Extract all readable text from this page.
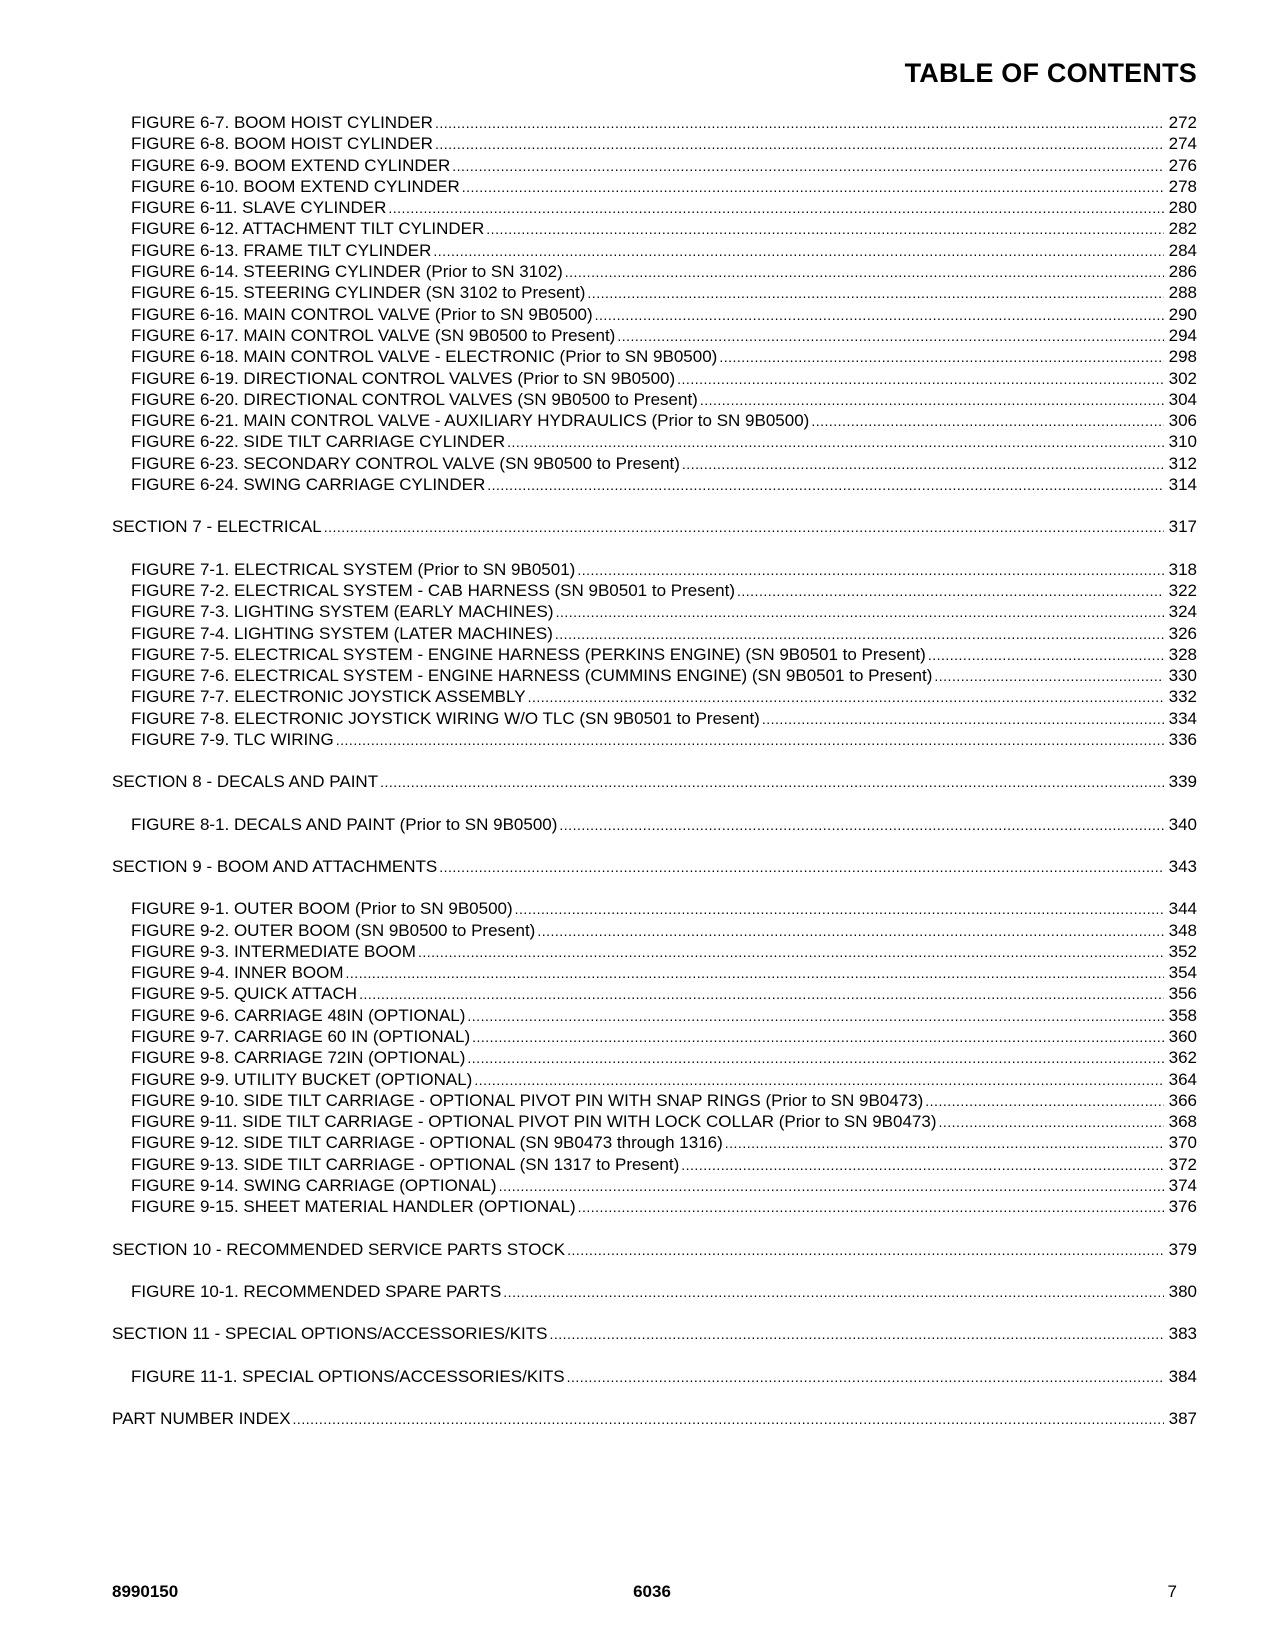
TABLE OF CONTENTS
FIGURE 6-7. BOOM HOIST CYLINDER .....	272
FIGURE 6-8. BOOM HOIST CYLINDER .....	274
FIGURE 6-9. BOOM EXTEND CYLINDER .....	276
FIGURE 6-10. BOOM EXTEND CYLINDER .....	278
FIGURE 6-11. SLAVE CYLINDER .....	280
FIGURE 6-12. ATTACHMENT TILT CYLINDER .....	282
FIGURE 6-13. FRAME TILT CYLINDER .....	284
FIGURE 6-14. STEERING CYLINDER (Prior to SN 3102) .....	286
FIGURE 6-15. STEERING CYLINDER (SN 3102 to Present) .....	288
FIGURE 6-16. MAIN CONTROL VALVE (Prior to SN 9B0500) .....	290
FIGURE 6-17. MAIN CONTROL VALVE (SN 9B0500 to Present) .....	294
FIGURE 6-18. MAIN CONTROL VALVE - ELECTRONIC (Prior to SN 9B0500) .....	298
FIGURE 6-19. DIRECTIONAL CONTROL VALVES (Prior to SN 9B0500) .....	302
FIGURE 6-20. DIRECTIONAL CONTROL VALVES (SN 9B0500 to Present) .....	304
FIGURE 6-21. MAIN CONTROL VALVE - AUXILIARY HYDRAULICS (Prior to SN 9B0500) .....	306
FIGURE 6-22. SIDE TILT CARRIAGE CYLINDER .....	310
FIGURE 6-23. SECONDARY CONTROL VALVE (SN 9B0500 to Present) .....	312
FIGURE 6-24. SWING CARRIAGE CYLINDER .....	314
SECTION 7 - ELECTRICAL .....	317
FIGURE 7-1. ELECTRICAL SYSTEM (Prior to SN 9B0501) .....	318
FIGURE 7-2. ELECTRICAL SYSTEM - CAB HARNESS (SN 9B0501 to Present) .....	322
FIGURE 7-3. LIGHTING SYSTEM (EARLY MACHINES) .....	324
FIGURE 7-4. LIGHTING SYSTEM (LATER MACHINES) .....	326
FIGURE 7-5. ELECTRICAL SYSTEM - ENGINE HARNESS (PERKINS ENGINE) (SN 9B0501 to Present) .....	328
FIGURE 7-6. ELECTRICAL SYSTEM - ENGINE HARNESS (CUMMINS ENGINE) (SN 9B0501 to Present) .....	330
FIGURE 7-7. ELECTRONIC JOYSTICK ASSEMBLY .....	332
FIGURE 7-8. ELECTRONIC JOYSTICK WIRING W/O TLC (SN 9B0501 to Present) .....	334
FIGURE 7-9. TLC WIRING .....	336
SECTION 8 - DECALS AND PAINT .....	339
FIGURE 8-1. DECALS AND PAINT (Prior to SN 9B0500) .....	340
SECTION 9 - BOOM AND ATTACHMENTS .....	343
FIGURE 9-1. OUTER BOOM (Prior to SN 9B0500) .....	344
FIGURE 9-2. OUTER BOOM (SN 9B0500 to Present) .....	348
FIGURE 9-3. INTERMEDIATE BOOM .....	352
FIGURE 9-4. INNER BOOM .....	354
FIGURE 9-5. QUICK ATTACH .....	356
FIGURE 9-6. CARRIAGE 48IN (OPTIONAL) .....	358
FIGURE 9-7. CARRIAGE 60 IN (OPTIONAL) .....	360
FIGURE 9-8. CARRIAGE 72IN (OPTIONAL) .....	362
FIGURE 9-9. UTILITY BUCKET (OPTIONAL) .....	364
FIGURE 9-10. SIDE TILT CARRIAGE - OPTIONAL PIVOT PIN WITH SNAP RINGS (Prior to SN 9B0473) .....	366
FIGURE 9-11. SIDE TILT CARRIAGE - OPTIONAL PIVOT PIN WITH LOCK COLLAR (Prior to SN 9B0473) .....	368
FIGURE 9-12. SIDE TILT CARRIAGE - OPTIONAL (SN 9B0473 through 1316) .....	370
FIGURE 9-13. SIDE TILT CARRIAGE - OPTIONAL (SN 1317 to Present) .....	372
FIGURE 9-14. SWING CARRIAGE (OPTIONAL) .....	374
FIGURE 9-15. SHEET MATERIAL HANDLER (OPTIONAL) .....	376
SECTION 10 - RECOMMENDED SERVICE PARTS STOCK .....	379
FIGURE 10-1. RECOMMENDED SPARE PARTS .....	380
SECTION 11 - SPECIAL OPTIONS/ACCESSORIES/KITS .....	383
FIGURE 11-1. SPECIAL OPTIONS/ACCESSORIES/KITS .....	384
PART NUMBER INDEX .....	387
8990150	6036	7
